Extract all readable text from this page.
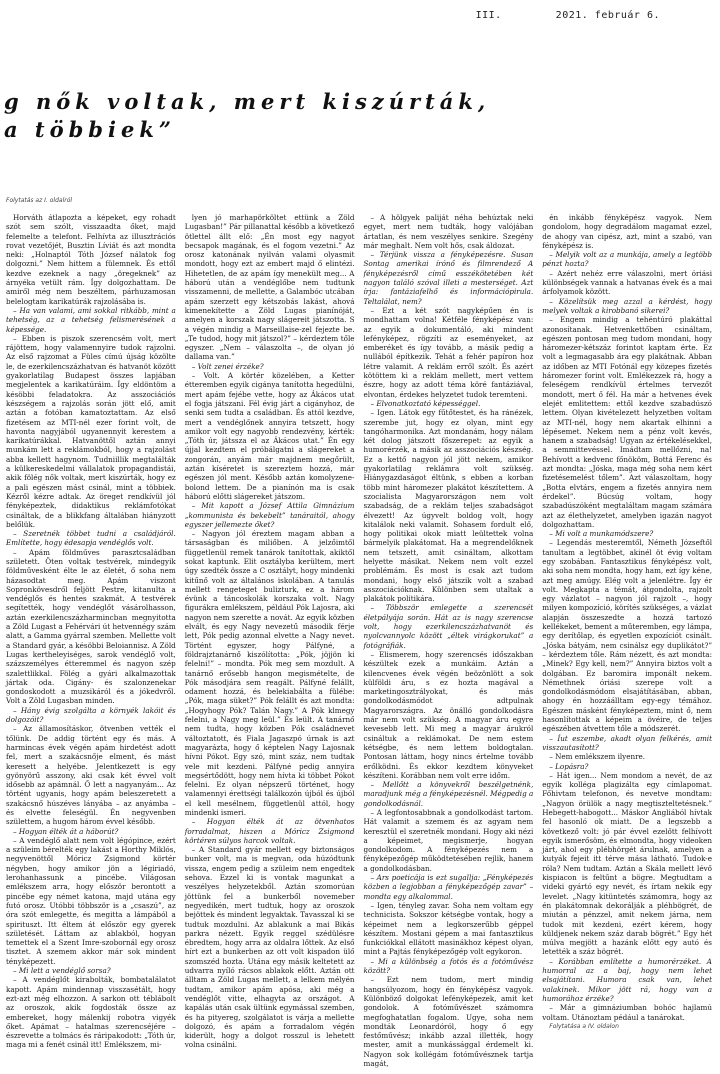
III.	2021. február 6.
g nők voltak, mert kiszúrták,
a többiek”
Folytatás az I. oldalról

Horváth átlapozta a képeket, egy rohadt szót sem szólt, visszaadta őket, majd felemelte a telefont. Felhívta az illusztrációs rovat vezetőjét, Busztin Líviát és azt mondta neki: „Holnaptól Tóth József nálatok fog dolgozni.” Nem hittem a fülemnek. És ettől kezdve ezeknek a nagy „öregeknek” az árnyéka vetült rám. Így dolgozhattam. De amiről még nem beszéltem, párhuzamosan belelogtam karikatúrák rajzolásába is.

– Ha van valami, ami sokkal ritkább, mint a tehetség, az a tehetség felismerésének a képessége.

– Ebben is piszok szerencsém volt, mert rájöttem, hogy valamennyire tudok rajzolni. Az első rajzomat a Füles címú újság közölte le, de ezerkilencszázhatvan és hatvanöt között gyakorlatilag Budapest összes lapjában megjelentek a karikatúráim. Így eldöntöm a késöbbi feladatokra. Az asszociációs készségem a rajzolás során jött elő, amit aztán a fotóban kamatoztattam. Az első fizetésem az MTI-nél ezer forint volt, de havonta nagyjából ugyanennyit kerestem a karikatúrákkal. Hatvanöttől aztán annyi munkám lett a reklámokból, hogy a rajzolást abba kellett hagynom. Tudniillik megtalálták a külkereskedelmi vállalatok propagandistái, akik fölég nők voltak, mert kiszúrták, hogy ez a pali egészen mást csinál, mint a többiek. Kézről kézre adtak. Az öreget rendkívül jól fényképeztek, didaktikus reklámfotókat csináltak, de a blikkfang általában hiányzott belőlük.

– Szeretnék többet tudni a családjáról. Említette, hogy édesapja vendéglős volt.

– Apám földműves parasztcsaládban született. Öten voltak testvérek, mindegyik földművesként élte le az életét, ő soha nem házasodtat meg. Apám viszont Sopronkövesdről feljött Pestre, kitanulta a vendéglős és hentes szakmát. A testvérek segítették, hogy vendéglőt vásárolhasson, aztán ezerkilencszázharmincban megnyitotta a Zöld Lugast a Fehérvári út hetvennégy szám alatt, a Gamma gyárral szemben. Mellette volt a Standard gyár, a késöbbi Beloiannisz. A Zöld Lugas kertheleyiséges, sarok vendéglő volt, százszemélyes étteremmel és nagyon szép szalettlikkal. Fölég a gyári alkalmazottak jártak oda. Cigány- és szalonzenekar gondoskodott a muzsikáról és a jókedvről. Volt a Zöld Lugasban minden.

– Hány évig szolgálta a környék lakóit és dolgozóit?

– Az államosításkor, ötvenben vették el tőlünk. De addig történt egy és más. A harmincas évek végén apám hirdetést adott fel, mert a szakácsnője elment, és mást keresett a helyébe. Jelentkezett is egy gyönyörű asszony, aki csak két évvel volt idősebb az apámnál. Ő lett a nagyanyám... Az történt ugyanis, hogy apám beleszeretett a szakácsnő húszéves lányába – az anyámba – és elvette feleségül. Én negyvenben születtem, a hugom három évvel később.

– Hogyan élték át a háborút?

– A vendéglő alatt nem volt légópince, ezért a szüleim bérelték egy lakást a Horthy Miklós, negyvenöttől Móricz Zsigmond körtér négyben, hogy amikor jön a légiriadó, lerohanhassunk a pincébe. Világosan emlékszem arra, hogy először berontott a pincébe egy német katona, majd utána egy futó orosz. Utóbbi többször is a „csaszú”, az óra szót emlegette, és megitta a lámpából a spirituszt. Itt éltem át először egy gyerek születését. Láttam az ablakból, hogyan temettek el a Szent Imre-szobornál egy orosz tisztet. A szemem akkor már sok mindent tényképezett.

– Mi lett a vendéglő sorsa?

– A vendéglőt kirabolták, bombatalálatot kapott. Apám mindennap visszasétált, hogy ezt-azt még elhozzon. A sarkon ott téblábolt az oroszok, akik fogdosták össze az embereket, hogy málenkij robotra vigyék őket. Apámat – hatalmas szerencséjére – észrevette a tolmács és ráripakodott: „Tóth úr, maga mi a fenét csinál itt! Emlékszem, mi-

lyen jó marhapörköltet ettünk a Zöld Lugasban!” Pár pillanattal később a következő ötlettel állt elő: „Én most egy nagyot becsapok magának, és el fogom vezetni.” Az orosz katonának nyilván valami olyasmit mondott, hogy ezt az embert majd ő elintézi. Hihetetlen, de az apám így menekült meg... A háború után a vendéglőbe nem tudtunk visszamenni, de mellette, a Galambóc utcában apám szerzett egy kétszobás lakást, ahová kimenekítette a Zöld Lugas pianínóját, amelyen a korszak nagy slágereit játszotta. S a végén mindig a Marseillaise-zel fejezte be. „Te tudod, hogy mit játszol?” – kérdeztem tőle egyszer. „Nem – válaszolta –, de olyan jó dallama van.”

– Volt zenei érzéke?

– Volt. A körtér közelében, a Ketter étteremben egyik cigánya tanította hegedülni, mert apám fejébe vette, hogy az Ákácos utat el fogja játszani. Fél évig járt a cigányhoz, de senki sem tudta a családban. És attól kezdve, mert a vendéglőnek annyira tetszett, hogy amikor volt egy nagyobb rendezvény, kérték: „Tóth úr, játssza el az Ákácos utat.” Én egy újjal kezdtem el próbálgatni a slágereket a zongorán, anyám már majdnem megőrült, aztán kíséretet is szereztem hozzá, már egészen jól ment. Később aztán komolyzene-bolond lettem. De a pianínón ma is csak háború előtti slágereket játszom.

– Mit kapott a József Attila Gimnázium „kommunista és bekebelt” tanáraitól, ahogy egyszer jellemezte őket?

– Nagyon jól éreztem magam abban a társaságban és miliőben. A jelzőimtől függetlenül remek tanárok tanítottak, akiktől sokat kaptunk. Elit osztályba kerültem, mert úgy szedték össze a C osztályt, hogy mindenki kitűnő volt az általános iskolában. A tanulás mellett rengeteget bulizturk, ez a három évünk a táncoskolák korszaka volt. Nagy figurákra emlékszem, például Pók Lajosra, aki nagyon nem szerette a novát. Az egyik közben elvált, és egy Nagy nevezetű második férje lett, Pók pedig azonnal elvette a Nagy nevet. Történt egyszer, hogy Pálfyné, a földrajztanárnő kiszólította: „Pók, jöjjön ki felelni!” – mondta. Pók meg sem mozdult. A tanárnő erősebb hangon megismételte, de Pók másodjára sem reagált. Pálfyné felállt, odament hozzá, és belekiabálta a fülébe: „Pók, maga süket?” Pók felállt és azt mondta: „Hogyhogy Pók? Talán Nagy.” A Pók klmegy felelni, a Nagy meg leül.” És leült. A tanárnő nem tudta, hogy közben Pók családnevet változtatott, és Fiala Jagaszpó úrnak is azt magyarázta, hogy ő képtelen Nagy Lajosnak hívni Pókot. Egy szó, mint száz, nem tudtak vele mit kezdeni. Pálfyné pedig annyira megsértődött, hogy nem hívta ki többet Pókot felelni. Ez olyan népszerű történet, hogy valamennyi érettségi találkozón újból és újból el kell mesélnem, függetlenül attól, hogy mindenki ismeri.

– Hogyan élték át az ötvenhatos forradalmat, hiszen a Móricz Zsigmond körtéren súlyos harcok voltak.

– A Standard gyár mellett egy biztonságos bunker volt, ma is megvan, oda húzódtunk vissza, engem pedig a szüleim nem engedtek sehova. Ezzel ki is vontak magunkat a veszélyes helyzetekből. Aztán szomorúan jöttünk fel a bunkerből novemeber negyedikén, mert tudtuk, hogy az oroszok bejöttek és mindent legyaktak. Tavasszal ki se tudtuk mozdulni. Az ablakunk a mai Bikás parkra nézett. Egyik reggel szédülésre ébredtem, hogy arra az oldalra lőttek. Az első hírt ezt a bunkerben az ott volt kispadon ülő szomszéd hozta. Utána egy másik keltetett az udvarra nyíló rácsos ablakok előtt. Aztán ott álltam a Zöld Lugas mellett, a lelkem mélyén tudtam, amikor apám apósa, aki még a vendéglőt vitte, elhagyta az országot. A kapálás után csak ültünk egymással szemben, és ha pityereg, szolgálatot is várja a mellette dolgozó, és apám a forradalom végén kiderült, hogy a dolgot rosszul is lehetett volna csinálni.

– A hölgyek paliját néha behúztak neki egyet, mert nem tudták, hogy valójában ártatlan, és nem veszélyes senkire. Szegény már meghalt. Nem volt hős, csak áldozat.

– Térjünk vissza a fényképezésre. Susan Sontag amerikai írónő és filmrendező A fényképezésről című esszékötetében két nagyon találó szóval illeti a mesterséget. Azt írja: fantáziafelhő és információpirula. Teltalálat, nem?

– Ezt a két szót nagyképűen én is mondhattam volna! Kétféle fényképész van: az egyik a dokumentáló, aki mindent lefényképez, rögzíti az eseményeket, az emberéket és így tovább, a másik pedig a nullából építkezik. Tehát a fehér papíron hoz létre valamit. A reklám erről szólt. És azért kötöttem ki a reklám mellett, mert vettem észre, hogy az adott téma köré fantáziával, elvontan, érdekes helyzetet tudok teremteni.

– Elvonatkoztató képességgel.

– Igen. Látok egy fűtőtestet, és ha ránézek, szerembe jut, hogy ez olyan, mint egy tangóharmonika. Azt mondanám, hogy nálam két dolog játszott főszerepet: az egyik a humorérzék, a másik az asszociációs készség. Ez a kettő nagyon jól jött nekem, amikor gyakorlatilag reklámra volt szükség. Hiánygazdaságot éltünk, s ebben a korban több mint háromezer plakátot készítettem. A szocialista Magyarországon nem volt szabadság, de a reklám teljes szabadságot élvezett! Az úgyvelt boldog volt, hogy kitalálok neki valamit. Sohasem fordult elő, hogy politikai okok miatt leültettek volna bármelyik plakátomat. Ha a megrendelőknek nem tetszett, amit csináltam, alkottam helyette másikat. Nekem nem volt ezzel problémám. És most is csak azt tudom mondani, hogy első játszik volt a szabad asszociációknak. Különben sem utaltak a plakátok politikára.

– Többször emlegette a szerencsét életpályája során. Hát az is nagy szerencse volt, hogy ezerkilencszázhatvanöt és nyolcvannyolc között „éltek virágkorukat” a fotógráfiák.

– Elismerem, hogy szerencsés időszakban készültek ezek a munkáim. Aztán a kilencvenes évek végén beözönlött a sok külföldi áru, s ez hozta magával a marketingosztrályokat, és más gondolkodásmódot adtpulnak Magyarországra. Az önálló gondolkodásra már nem volt szükség. A magyar áru egyre kevesebb lett. Mi meg a magyar árukról csináltuk a reklámokat. De nem estem kétségbe, és nem lettem boldogtalan. Pontosan láttam, hogy nincs értelme tovább erőlködni. És ekkor kezdtem könyveket készíteni. Korábban nem volt erre időm.

– Mellőtt a könyvekről beszélgetnénk, maradjunk még a fényképezésnél. Mégpedig a gondolkodásnál.

– A legfontosabbnak a gondolkodást tartom. Hát valamit a szemem és az agyam nem keresztül el szeretnék mondani. Hogy aki nézi a képeimet, megismerje, hogyan gondolkodom. A fényképezés nem a fényképezőgép működtetésében rejlik, hanem a gondolkodásban.

– Ars poeticája is ezt sugallja: „Fényképezés közben a legjobban a fényképezőgép zavar” – mondta egy alkalommal.

– Igen, tényleg zavar. Soha nem voltam egy technicista. Sokszor kétségbe vontak, hogy a képeimet nem a legkorszerűbb géppel készítem. Mostani gépem a mai fantasztikus funkciókkal ellátott masinákhoz képest olyan, mint a Pajtás fényképezőgép volt egykoron.

– Mi a különbség a fotós és a fotóművész között?

– Ezt nem tudom, mert mindig hangsúlyozom, hogy én fényképész vagyok. Különböző dolgokat lefényképezek, amit ket gondolok. A fotóművészet számomra megfoghatatlan fogalom. Ugye, soha nem mondták Leonardóról, hogy ő egy festőművész; inkább azzal illették, hogy mester, amit a munkássággal érdemelt ki. Nagyon sok kollégám fotóművésznek tartja magát,

én inkább fényképész vagyok. Nem gondolom, hogy degradálom magamat ezzel, de ahogy van cipész, azt, mint a szabó, van fényképész is.

– Melyik volt az a munkája, amely a legtöbb pénzt hozta?

– Azért nehéz erre válaszolni, mert óriási különbségek vannak a hatvanas évek és a mai árfolyamok között.

– Közelítsük meg azzal a kérdést, hogy melyek voltak a kirobbanó sikerei?

– Engem mindig a tehéntúró plakáttal azonosítanak. Hetvenkettőben csináltam, egészen pontosan meg tudom mondani, hogy háromezer-kétszáz forintot kaptam érte. Ez volt a legmagasabb ára egy plakátnak. Abban az időben az MTI Fotónál egy közepes fizetés háromezer forint volt. Emlékezzek rá, hogy a feleségem rendkívül értelmes tervezőt mondott, mert ő fél. Ha már a hetvenes évek elejét emlitettem: ettől kezdve szabadúszó lettem. Olyan kivételezett helyzetben voltam az MTI-nél, hogy nem akartak elhinni a lépésemet. Nekem nem a pénz volt kevés, hanem a szabadság! Ugyan az értékelésekkel, a semmittevéssel. Imádtam mellőzni, na! Behívott a kedvenc főnököm, Bottá Ferenc és azt mondta: „Jóska, maga még soha nem kért fizetésemelést tőlem”. Azt válaszoltam, hogy „Botta elvtárs, engem a fizetés annyira nem érdekel”. Búcsúg voltam, hogy szabadúszóként megtaláltam magam számára azt az élethelyzetet, amelyben igazán nagyot dolgozhattam.

– Mi volt a munkamódszere?

– Legendás mesteremtől, Németh Józseftől tanultam a legtöbbet, akinél öt évig voltam egy szobában. Fantasztikus fényképész volt, aki soha nem mondta, hogy ham, ezt így kéne, azt meg amúgy. Elég volt a jelenlétre. Így ér volt. Megkapta a témát, átgondolta, rajzolt egy vázlatot – nagyon jól rajzolt –, hogy milyen kompozíció, körítés szükséges, a vázlat alapján összeszedte a hozzá tartozó kellékeket, bement a műteremben, egy lámpa, egy derítőlap, és egyetlen expozíciót csinált. „Jóska bátyám, nem csinálsz egy duplikátot?” – kérdeztem tőle. Rám nézett, és azt mondta: „Minek? Egy kell, nem?” Annyira biztos volt a dolgában. Ez baromira imponált nekem. Némethnek óriási szerepe volt a gondolkodásmódom elsajátításában, abban, ahogy én hozzáálltam egy-egy témához. Egészen másként fényképeztem, mint ő, nem hasonlítottak a képeim a övéire, de teljes egészében átvettem tőle a módszerét.

– Íut eszembe, akadt olyan felkérés, amit visszautasított?

– Nem emlékszem ilyenre.

– Lopásra?

– Hát igen... Nem mondom a nevét, de az egyik kolléga plagizálta egy címlapomat. Főhivtam telefonon, és nevetve mondtam: „Nagyon örülök a nagy megtiszteltetésnek.” Hebegett-habogott... Máskor Angliából hívtak fel hasonló ok miatt. De a legszebb a következő volt: jó pár évvel ezelőtt felhívott egyik ismerősöm, és elmondta, hogy videoken járt, ahol egy plébhörgét árulnak, amelyen a kutyák fejeit itt térve mása látható. Tudok-e róla? Nem tudtam. Aztán a Skála mellett lévő kispiacon is feltűnt a bögre. Megtudtam a videki gyártó egy nevét, és írtam nekik egy levelet. „Nagy kitüntetés számomra, hogy az én plakátomnak dekorálják a pléhbögrét, de miután a pénzzel, amit nekem járna, nem tudok mit kezdeni, ezért kérem, hogy küldjenek nekem száz darab bögrét.” Egy hét múlva megjött a hazánk előtt egy autó és letették a száz bögrét.

– Korábban említette a humorérzéket. A humorral az a baj, hogy nem lehet elsajátítani. Humora csak van, lehet valakinek. Mikor jött rá, hogy van a humorához érzéke?

– Már a gimnáziumban bohóc hajlamú voltam. Utánoztam pédául a tanárokat.

Folytatása a IV. oldalon
